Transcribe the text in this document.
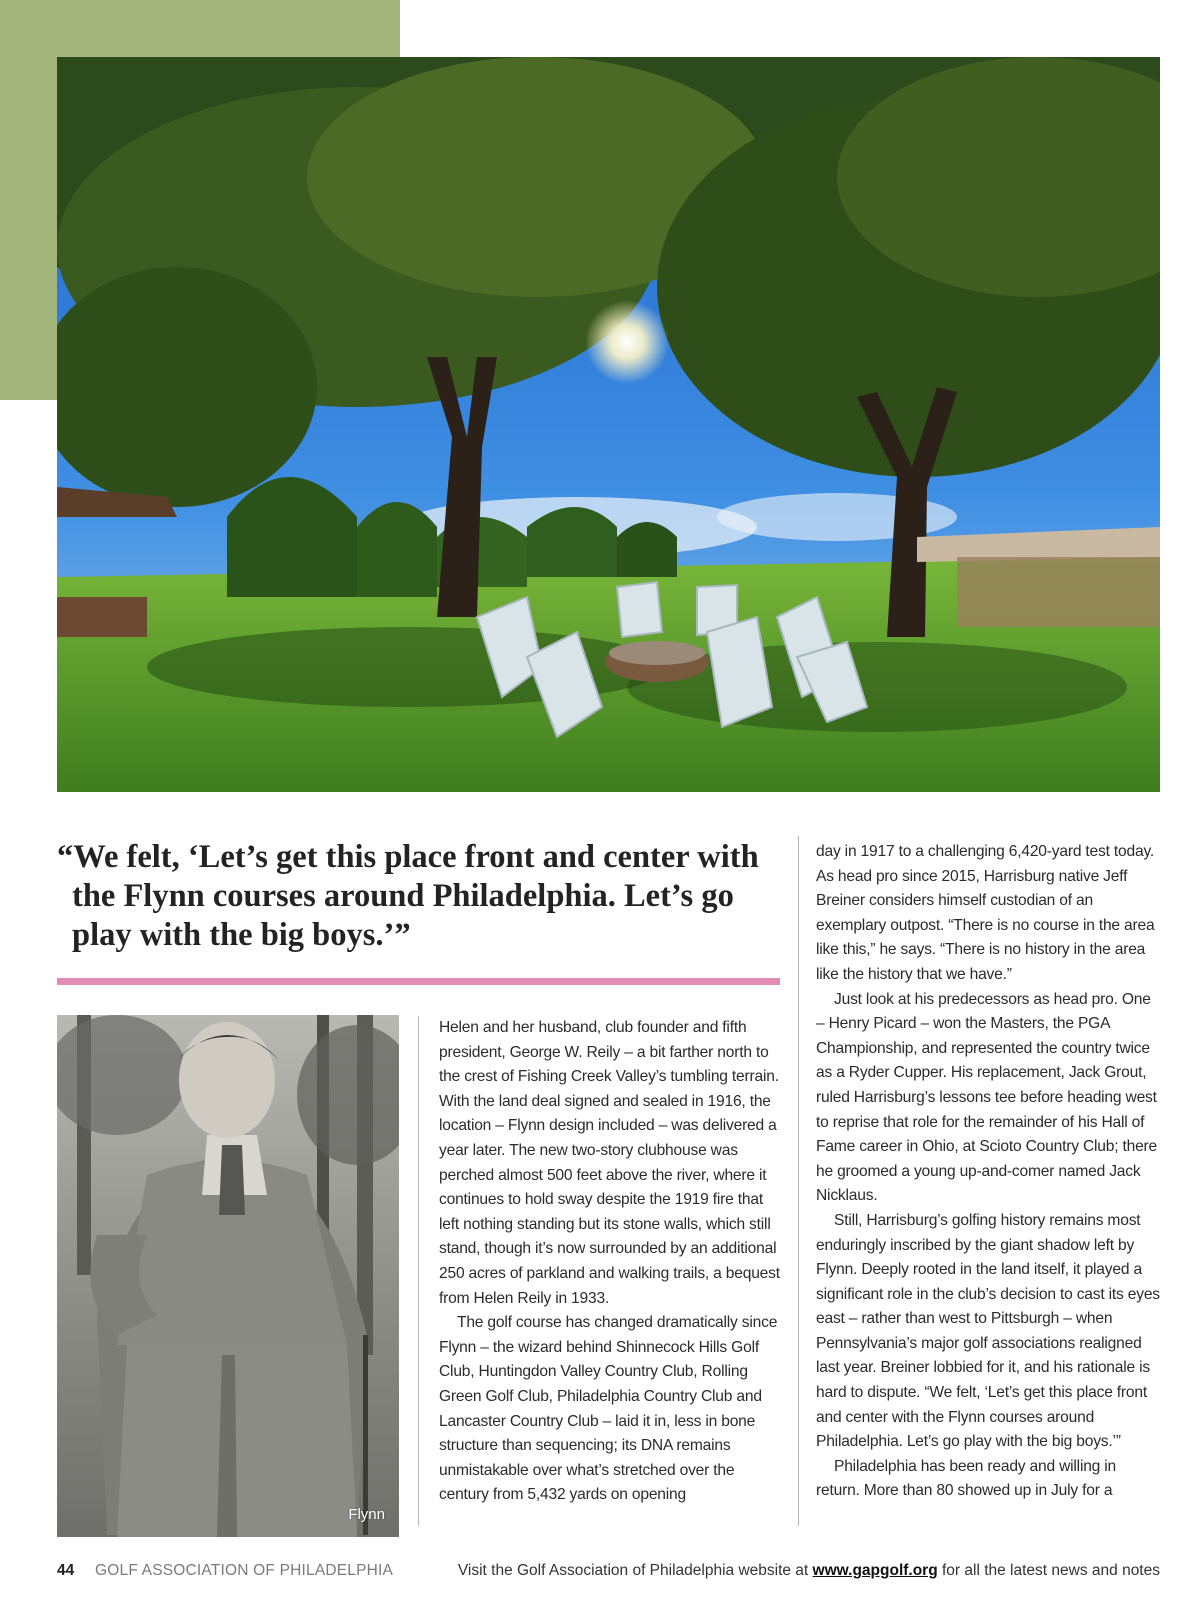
“We felt, ‘Let’s get this place front and center with the Flynn courses around Philadelphia. Let’s go play with the big boys.’”

Flynn

Helen and her husband, club founder and fifth president, George W. Reily – a bit farther north to the crest of Fishing Creek Valley’s tumbling terrain. With the land deal signed and sealed in 1916, the location – Flynn design included – was delivered a year later. The new two-story clubhouse was perched almost 500 feet above the river, where it continues to hold sway despite the 1919 fire that left nothing standing but its stone walls, which still stand, though it’s now surrounded by an additional 250 acres of parkland and walking trails, a bequest from Helen Reily in 1933.

The golf course has changed dramatically since Flynn – the wizard behind Shinnecock Hills Golf Club, Huntingdon Valley Country Club, Rolling Green Golf Club, Philadelphia Country Club and Lancaster Country Club – laid it in, less in bone structure than sequencing; its DNA remains unmistakable over what’s stretched over the century from 5,432 yards on opening

day in 1917 to a challenging 6,420-yard test today. As head pro since 2015, Harrisburg native Jeff Breiner considers himself custodian of an exemplary outpost. “There is no course in the area like this,” he says. “There is no history in the area like the history that we have.”

Just look at his predecessors as head pro. One – Henry Picard – won the Masters, the PGA Championship, and represented the country twice as a Ryder Cupper. His replacement, Jack Grout, ruled Harrisburg’s lessons tee before heading west to reprise that role for the remainder of his Hall of Fame career in Ohio, at Scioto Country Club; there he groomed a young up-and-comer named Jack Nicklaus.

Still, Harrisburg’s golfing history remains most enduringly inscribed by the giant shadow left by Flynn. Deeply rooted in the land itself, it played a significant role in the club’s decision to cast its eyes east – rather than west to Pittsburgh – when Pennsylvania’s major golf associations realigned last year. Breiner lobbied for it, and his rationale is hard to dispute. “We felt, ‘Let’s get this place front and center with the Flynn courses around Philadelphia. Let’s go play with the big boys.’”

Philadelphia has been ready and willing in return. More than 80 showed up in July for a

44 GOLF ASSOCIATION OF PHILADELPHIA	Visit the Golf Association of Philadelphia website at www.gapgolf.org for all the latest news and notes
